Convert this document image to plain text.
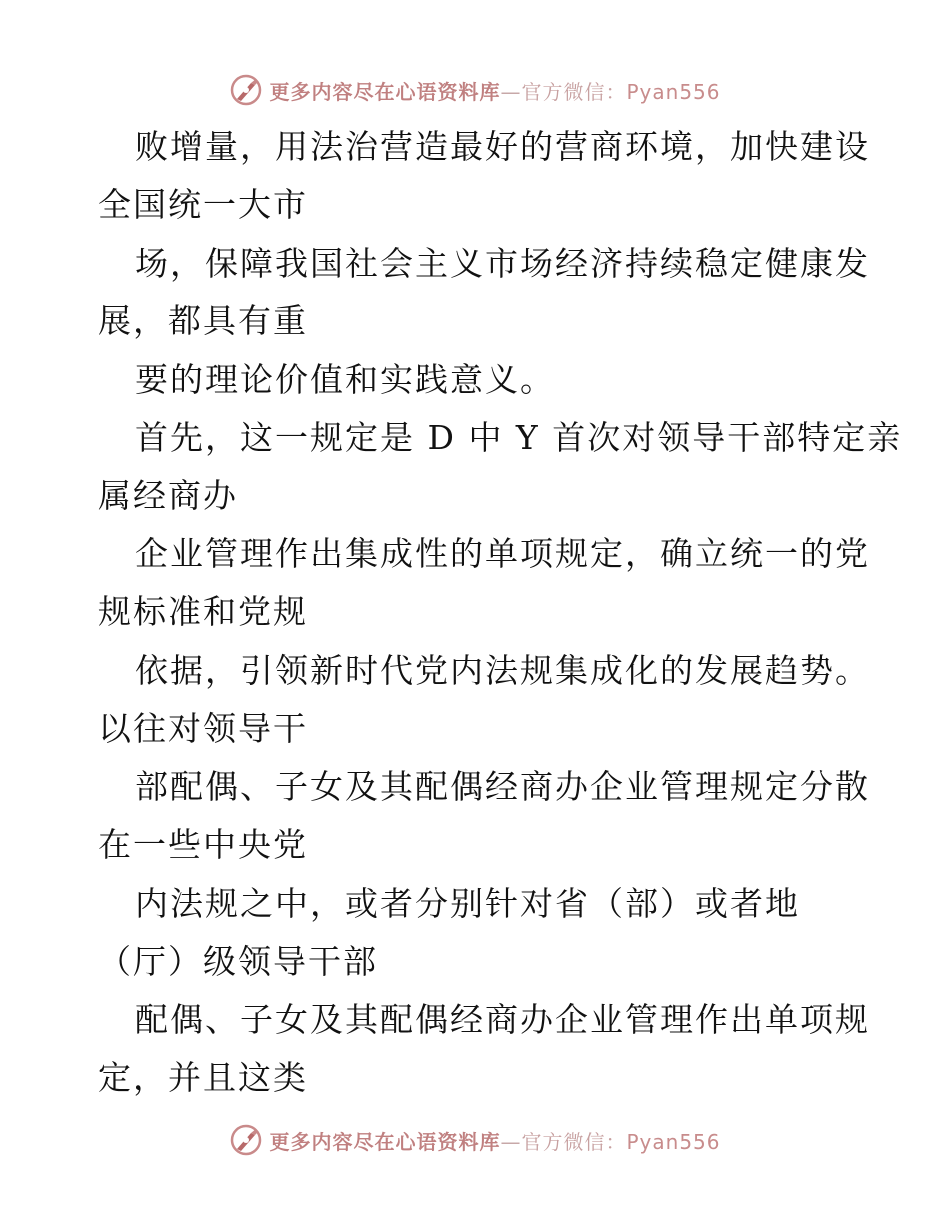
更多内容尽在心语资料库—官方微信：Pyan556
败增量，用法治营造最好的营商环境，加快建设
全国统一大市
场，保障我国社会主义市场经济持续稳定健康发
展，都具有重
要的理论价值和实践意义。
首先，这一规定是 D 中 Y 首次对领导干部特定亲
属经商办
企业管理作出集成性的单项规定，确立统一的党
规标准和党规
依据，引领新时代党内法规集成化的发展趋势。
以往对领导干
部配偶、子女及其配偶经商办企业管理规定分散
在一些中央党
内法规之中，或者分别针对省（部）或者地
（厅）级领导干部
配偶、子女及其配偶经商办企业管理作出单项规
定，并且这类
更多内容尽在心语资料库—官方微信：Pyan556
